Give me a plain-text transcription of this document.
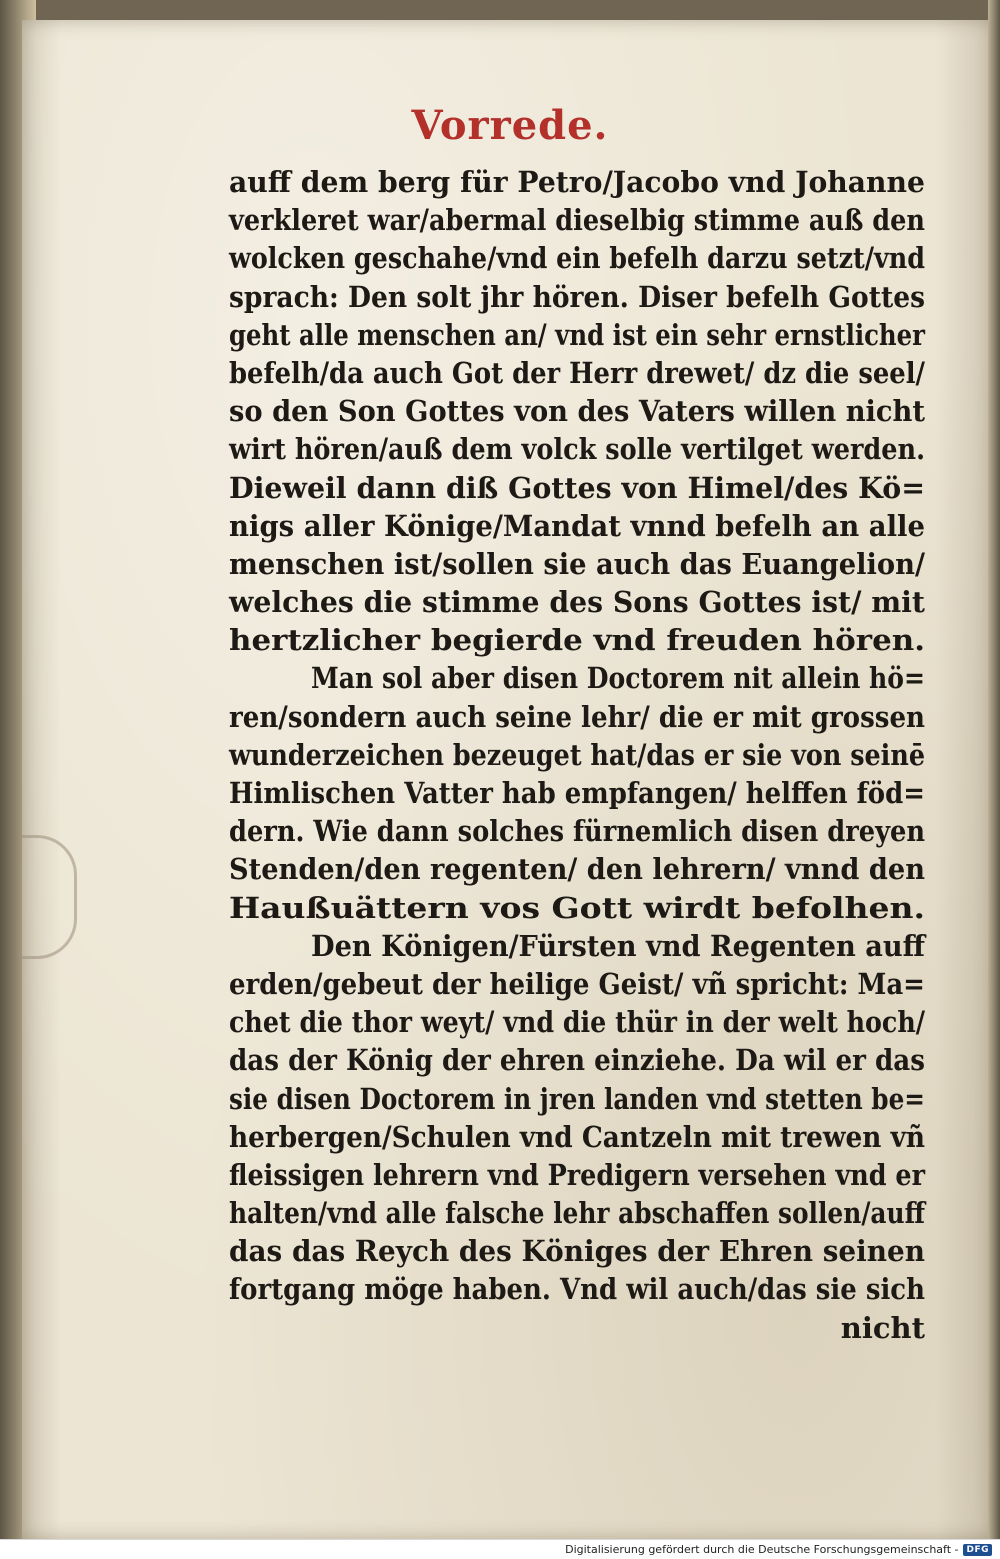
Vorrede.
auff dem berg für Petro/Jacobo vnd Johanne
verkleret war/abermal dieselbig stimme auß den
wolcken geschahe/vnd ein befelh darzu setzt/vnd
sprach: Den solt jhr hören. Diser befelh Gottes
geht alle menschen an/ vnd ist ein sehr ernstlicher
befelh/da auch Got der Herr drewet/ dz die seel/
so den Son Gottes von des Vaters willen nicht
wirt hören/auß dem volck solle vertilget werden.
Dieweil dann diß Gottes von Himel/des Kö=
nigs aller Könige/Mandat vnnd befelh an alle
menschen ist/sollen sie auch das Euangelion/
welches die stimme des Sons Gottes ist/ mit
hertzlicher begierde vnd freuden hören.
Man sol aber disen Doctorem nit allein hö=
ren/sondern auch seine lehr/ die er mit grossen
wunderzeichen bezeuget hat/das er sie von seinē
Himlischen Vatter hab empfangen/ helffen föd=
dern. Wie dann solches fürnemlich disen dreyen
Stenden/den regenten/ den lehrern/ vnnd den
Haußuättern vos Gott wirdt befolhen.
Den Königen/Fürsten vnd Regenten auff
erden/gebeut der heilige Geist/ vñ spricht: Ma=
chet die thor weyt/ vnd die thür in der welt hoch/
das der König der ehren einziehe. Da wil er das
sie disen Doctorem in jren landen vnd stetten be=
herbergen/Schulen vnd Cantzeln mit trewen vñ
fleissigen lehrern vnd Predigern versehen vnd er
halten/vnd alle falsche lehr abschaffen sollen/auff
das das Reych des Königes der Ehren seinen
fortgang möge haben. Vnd wil auch/das sie sich
nicht
Digitalisierung gefördert durch die Deutsche Forschungsgemeinschaft - DFG
